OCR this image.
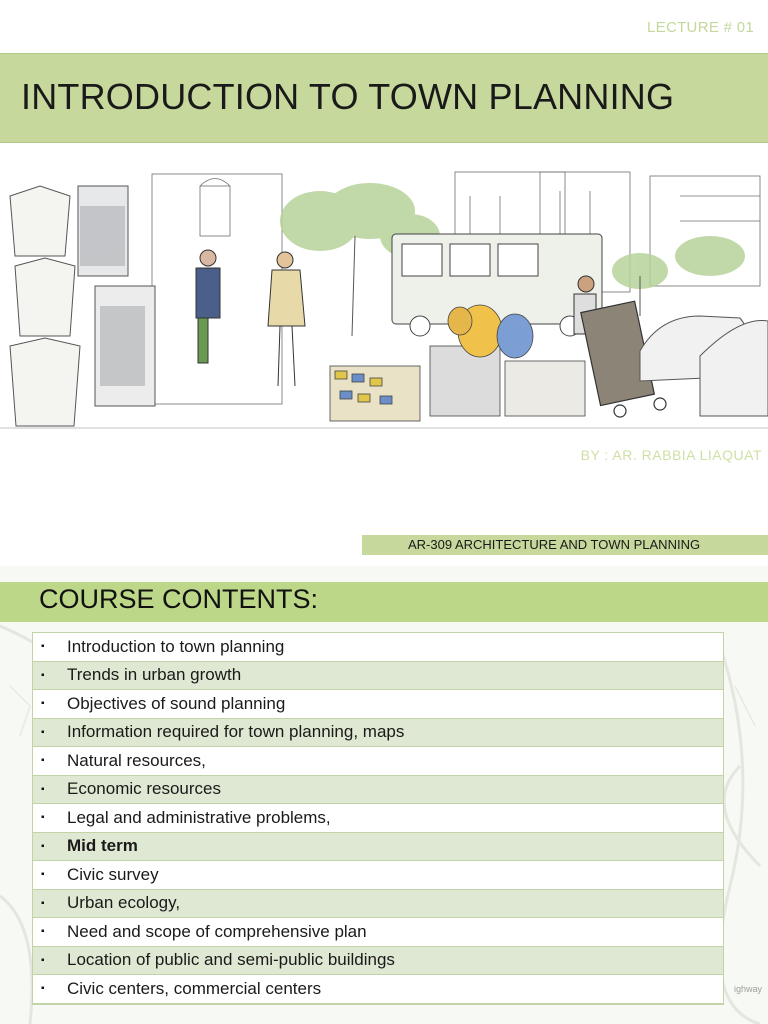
LECTURE # 01
INTRODUCTION TO TOWN PLANNING
BY : AR. RABBIA LIAQUAT
AR-309 ARCHITECTURE AND TOWN PLANNING
COURSE CONTENTS:
▪	Introduction to town planning
▪	Trends in urban growth
▪	Objectives of sound planning
▪	Information required for town planning, maps
▪	Natural resources,
▪	Economic resources
▪	Legal and administrative problems,
▪	Mid term
▪	Civic survey
▪	Urban ecology,
▪	Need and scope of comprehensive plan
▪	Location of public and semi-public buildings
▪	Civic centers, commercial centers	ighway
